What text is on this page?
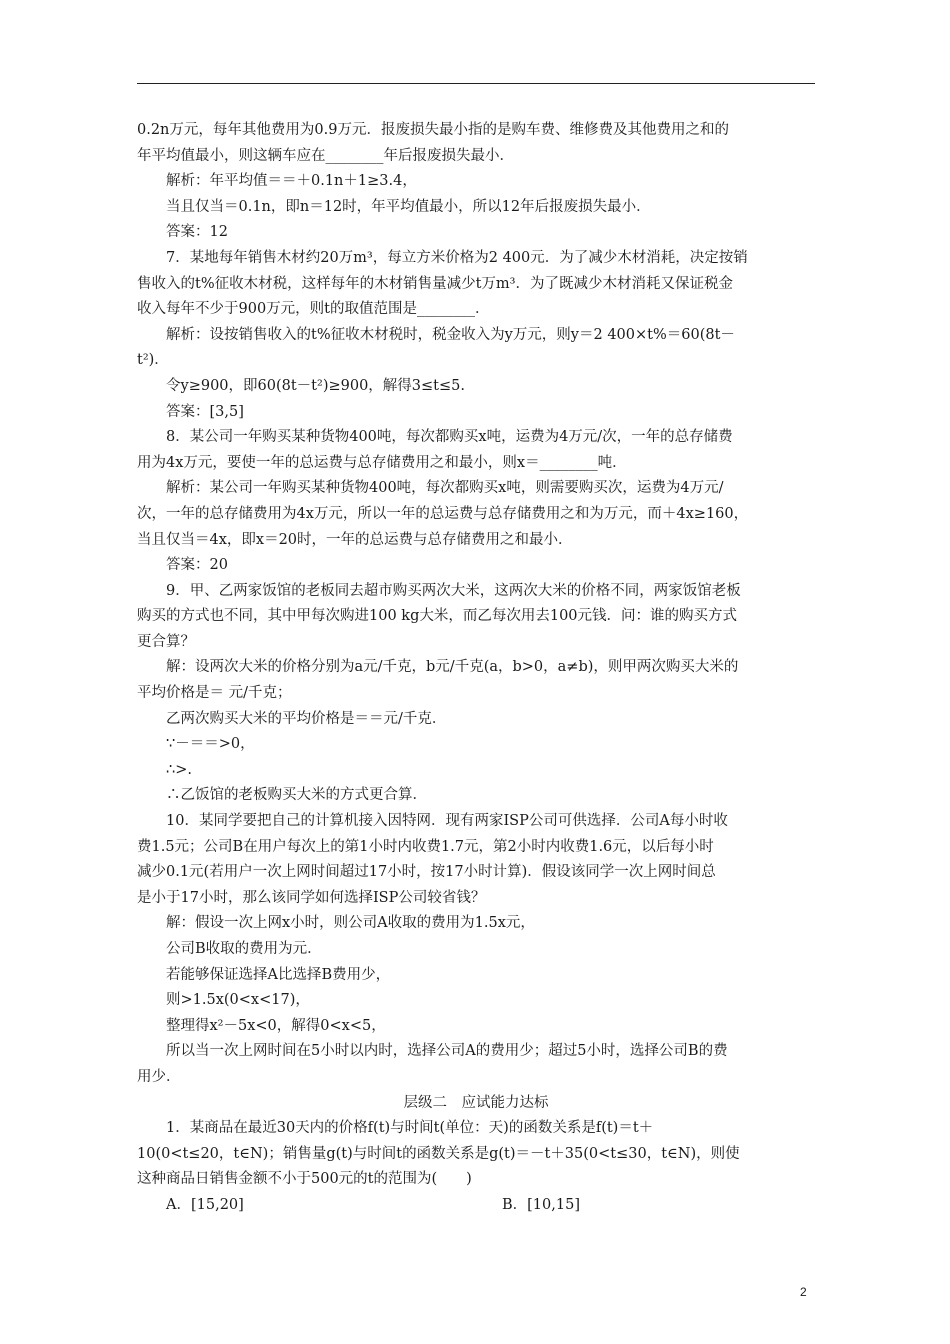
0.2n万元，每年其他费用为0.9万元．报废损失最小指的是购车费、维修费及其他费用之和的

年平均值最小，则这辆车应在________年后报废损失最小．

解析：年平均值＝＝＋0.1n＋1≥3.4，

当且仅当＝0.1n，即n＝12时，年平均值最小，所以12年后报废损失最小．

答案：12

7．某地每年销售木材约20万m³，每立方米价格为2 400元．为了减少木材消耗，决定按销

售收入的t%征收木材税，这样每年的木材销售量减少t万m³．为了既减少木材消耗又保证税金

收入每年不少于900万元，则t的取值范围是________．

解析：设按销售收入的t%征收木材税时，税金收入为y万元，则y＝2 400×t%＝60(8t－

t²)．

令y≥900，即60(8t－t²)≥900，解得3≤t≤5.

答案：[3,5]

8．某公司一年购买某种货物400吨，每次都购买x吨，运费为4万元/次，一年的总存储费

用为4x万元，要使一年的总运费与总存储费用之和最小，则x＝________吨．

解析：某公司一年购买某种货物400吨，每次都购买x吨，则需要购买次，运费为4万元/

次，一年的总存储费用为4x万元，所以一年的总运费与总存储费用之和为万元，而＋4x≥160，

当且仅当＝4x，即x＝20时，一年的总运费与总存储费用之和最小．

答案：20

9．甲、乙两家饭馆的老板同去超市购买两次大米，这两次大米的价格不同，两家饭馆老板

购买的方式也不同，其中甲每次购进100 kg大米，而乙每次用去100元钱．问：谁的购买方式

更合算？

解：设两次大米的价格分别为a元/千克，b元/千克(a，b>0，a≠b)，则甲两次购买大米的

平均价格是＝ 元/千克；

乙两次购买大米的平均价格是＝＝元/千克．

∵－＝＝>0，

∴>.

∴乙饭馆的老板购买大米的方式更合算．

10．某同学要把自己的计算机接入因特网．现有两家ISP公司可供选择．公司A每小时收

费1.5元；公司B在用户每次上的第1小时内收费1.7元，第2小时内收费1.6元，以后每小时

减少0.1元(若用户一次上网时间超过17小时，按17小时计算)．假设该同学一次上网时间总

是小于17小时，那么该同学如何选择ISP公司较省钱？

解：假设一次上网x小时，则公司A收取的费用为1.5x元，

公司B收取的费用为元．

若能够保证选择A比选择B费用少，

则>1.5x(0<x<17)，

整理得x²－5x<0，解得0<x<5，

所以当一次上网时间在5小时以内时，选择公司A的费用少；超过5小时，选择公司B的费

用少．

层级二　应试能力达标

1．某商品在最近30天内的价格f(t)与时间t(单位：天)的函数关系是f(t)＝t＋

10(0<t≤20，t∈N)；销售量g(t)与时间t的函数关系是g(t)＝－t＋35(0<t≤30，t∈N)，则使

这种商品日销售金额不小于500元的t的范围为(　　)

A．[15,20]	B．[10,15]
2
